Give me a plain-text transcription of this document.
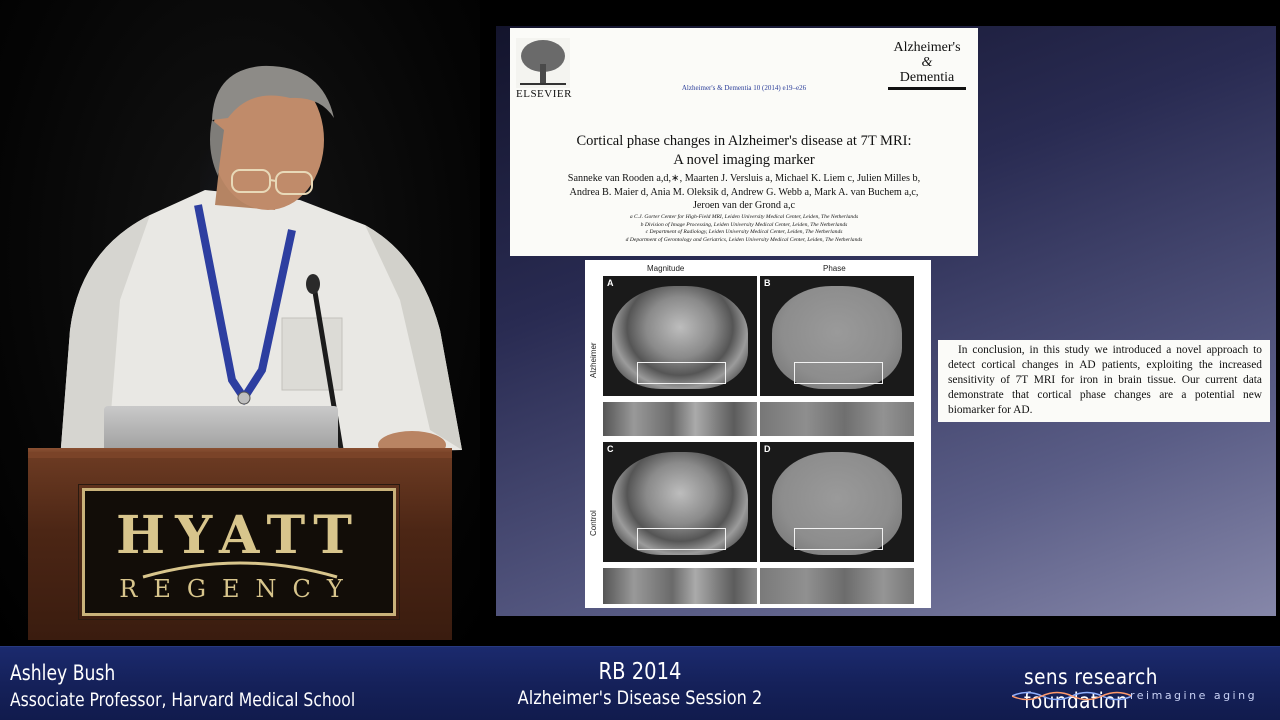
HYATT
REGENCY
ELSEVIER	Alzheimer's & Dementia 10 (2014) e19–e26
Alzheimer's
&
Dementia
Cortical phase changes in Alzheimer's disease at 7T MRI:
A novel imaging marker
Sanneke van Rooden a,d,∗, Maarten J. Versluis a, Michael K. Liem c, Julien Milles b,
Andrea B. Maier d, Ania M. Oleksik d, Andrew G. Webb a, Mark A. van Buchem a,c,
Jeroen van der Grond a,c
a C.J. Gorter Center for High-Field MRI, Leiden University Medical Center, Leiden, The Netherlands
b Division of Image Processing, Leiden University Medical Center, Leiden, The Netherlands
c Department of Radiology, Leiden University Medical Center, Leiden, The Netherlands
d Department of Gerontology and Geriatrics, Leiden University Medical Center, Leiden, The Netherlands
Magnitude	Phase
Alzheimer
Control
A	B
C	D
In conclusion, in this study we introduced a novel approach to detect cortical changes in AD patients, exploiting the increased sensitivity of 7T MRI for iron in brain tissue. Our current data demonstrate that cortical phase changes are a potential new biomarker for AD.
Ashley Bush
Associate Professor, Harvard Medical School
RB 2014
Alzheimer's Disease Session 2
sens research foundation reimagine aging
